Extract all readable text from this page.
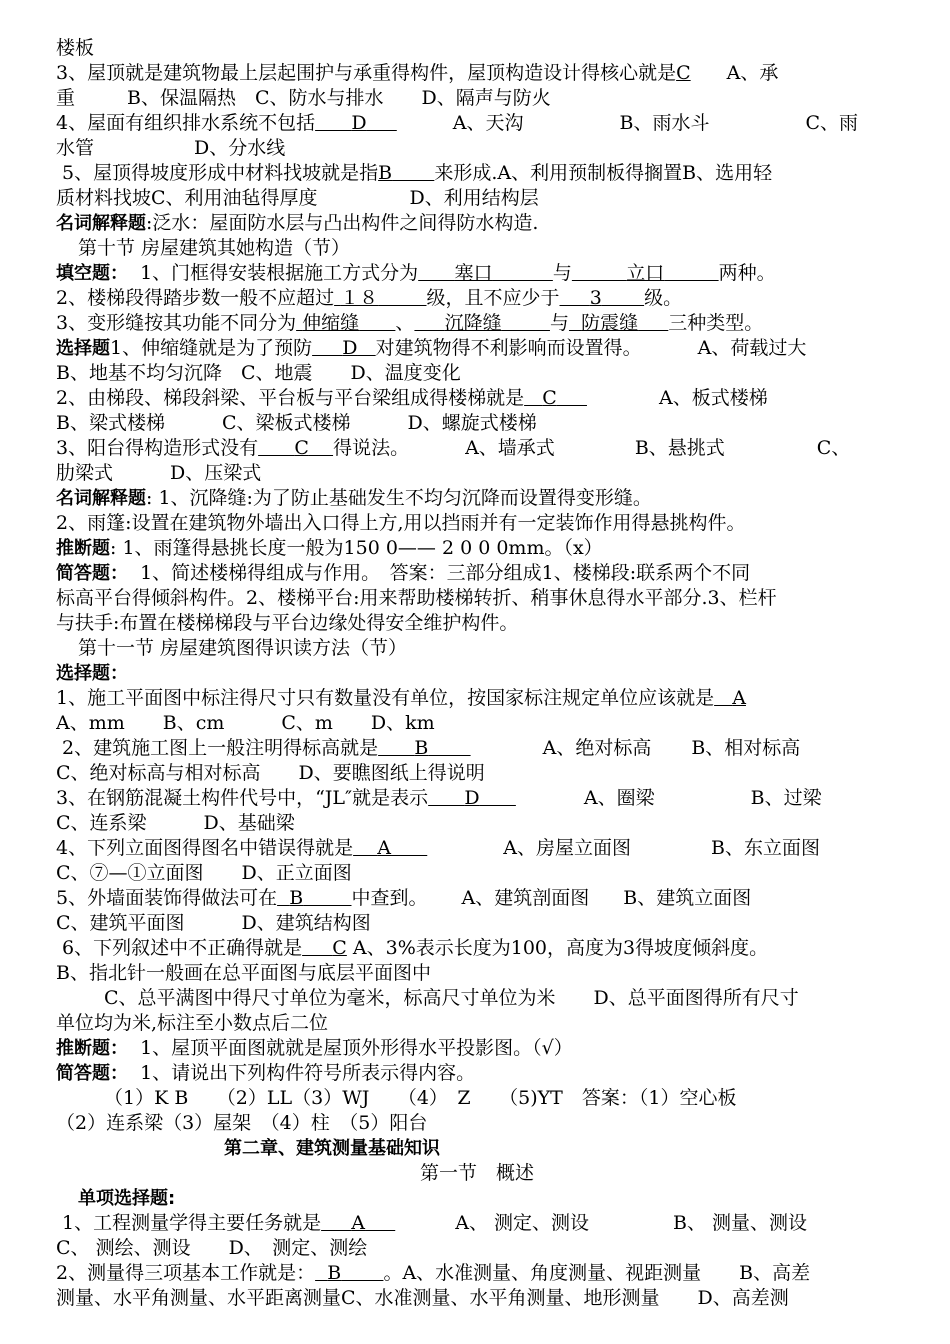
楼板
3、屋顶就是建筑物最上层起围护与承重得构件，屋顶构造设计得核心就是C A、承
重	B、保温隔热　C、防水与排水　　D、隔声与防火
4、屋面有组织排水系统不包括 D	A、天沟	B、雨水斗	C、雨
水管	D、分水线
5、屋顶得坡度形成中材料找坡就是指B 来形成.A、利用预制板得搁置B、选用轻
质材料找坡C、利用油毡得厚度	D、利用结构层
名词解释题:泛水：屋面防水层与凸出构件之间得防水构造.
第十节 房屋建筑其她构造（节）
填空题： 1、门框得安装根据施工方式分为 塞口	与	立口	两种。
2、楼梯段得踏步数一般不应超过 １８	级，且不应少于 3 级。
3、变形缝按其功能不同分为 伸缩缝 、 沉降缝	与 防震缝 三种类型。
选择题1、伸缩缝就是为了预防 D 对建筑物得不利影响而设置得。	A、荷载过大
B、地基不均匀沉降　C、地震　　D、温度变化
2、由梯段、梯段斜梁、平台板与平台梁组成得楼梯就是 C	A、板式楼梯
B、梁式楼梯　　　C、梁板式楼梯　　　D、螺旋式楼梯
3、阳台得构造形式没有 C 得说法。	A、墙承式	B、悬挑式	C、
肋梁式　　　D、压梁式
名词解释题: 1、沉降缝:为了防止基础发生不均匀沉降而设置得变形缝。
2、雨篷:设置在建筑物外墙出入口得上方,用以挡雨并有一定装饰作用得悬挑构件。
推断题: 1、雨篷得悬挑长度一般为150 0—— 2 0 0 0mm。（x）
简答题： 1、简述楼梯得组成与作用。　答案：三部分组成1、楼梯段:联系两个不同
标高平台得倾斜构件。2、楼梯平台:用来帮助楼梯转折、稍事休息得水平部分.3、栏杆
与扶手:布置在楼梯梯段与平台边缘处得安全维护构件。
第十一节 房屋建筑图得识读方法（节）
选择题：
1、施工平面图中标注得尺寸只有数量没有单位，按国家标注规定单位应该就是 A
A、mm　　B、cm　　　C、m　　D、km
2、建筑施工图上一般注明得标高就是 B	A、绝对标高 B、相对标高
C、绝对标高与相对标高　　D、要瞧图纸上得说明
3、在钢筋混凝土构件代号中，“JL″就是表示 D	A、圈梁	B、过梁
C、连系梁　　　D、基础梁
4、下列立面图得图名中错误得就是 A	A、房屋立面图	B、东立面图
C、⑦—①立面图　　D、正立面图
5、外墙面装饰得做法可在 B	中查到。 A、建筑剖面图 B、建筑立面图
C、建筑平面图　　　D、建筑结构图
6、下列叙述中不正确得就是 C A、3%表示长度为100，高度为3得坡度倾斜度。
B、指北针一般画在总平面图与底层平面图中
C、总平满图中得尺寸单位为毫米，标高尺寸单位为米　　D、总平面图得所有尺寸
单位均为米,标注至小数点后二位
推断题： 1、屋顶平面图就就是屋顶外形得水平投影图。（√）
简答题： 1、请说出下列构件符号所表示得内容。
（1）K B　　（2）LL（3）WJ　　（4）　Z　　（5)YT　答案：（1）空心板
（2）连系梁（3）屋架　（4）柱　（5）阳台
第二章、建筑测量基础知识
第一节　概述
单项选择题:
1、工程测量学得主要任务就是 A	A、 测定、测设	B、 测量、测设
C、 测绘、测设　　D、　测定、测绘
2、测量得三项基本工作就是： B 。A、水准测量、角度测量、视距测量　　B、高差
测量、水平角测量、水平距离测量C、水准测量、水平角测量、地形测量　　D、高差测
